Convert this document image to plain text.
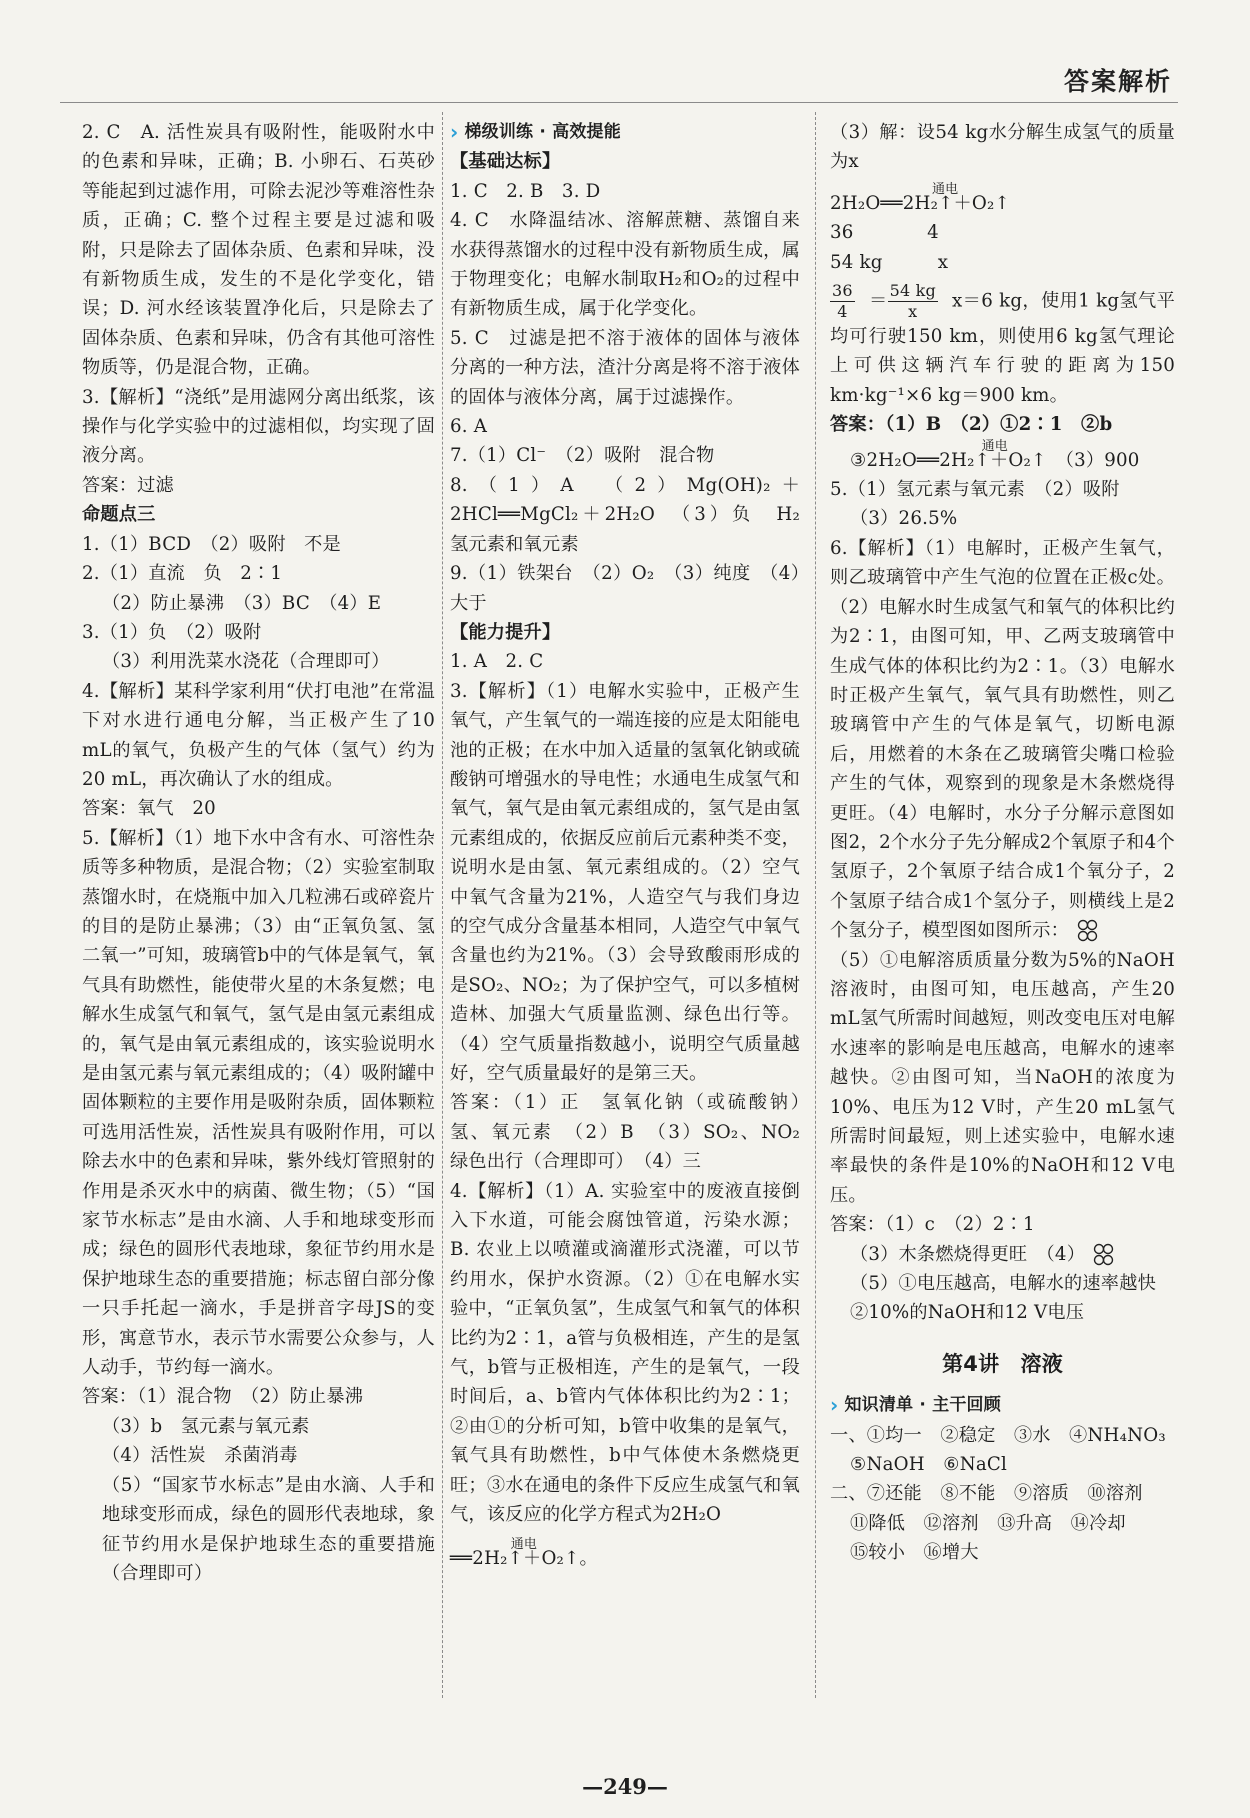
答案解析

2. C　A. 活性炭具有吸附性，能吸附水中的色素和异味，正确；B. 小卵石、石英砂等能起到过滤作用，可除去泥沙等难溶性杂质，正确；C. 整个过程主要是过滤和吸附，只是除去了固体杂质、色素和异味，没有新物质生成，发生的不是化学变化，错误；D. 河水经该装置净化后，只是除去了固体杂质、色素和异味，仍含有其他可溶性物质等，仍是混合物，正确。

3.【解析】“浇纸”是用滤网分离出纸浆，该操作与化学实验中的过滤相似，均实现了固液分离。

答案：过滤

命题点三

1.（1）BCD　（2）吸附　不是

2.（1）直流　负　2∶1

（2）防止暴沸　（3）BC　（4）E

3.（1）负　（2）吸附

（3）利用洗菜水浇花（合理即可）

4.【解析】某科学家利用“伏打电池”在常温下对水进行通电分解，当正极产生了10 mL的氧气，负极产生的气体（氢气）约为20 mL，再次确认了水的组成。

答案：氧气　20

5.【解析】（1）地下水中含有水、可溶性杂质等多种物质，是混合物；（2）实验室制取蒸馏水时，在烧瓶中加入几粒沸石或碎瓷片的目的是防止暴沸；（3）由“正氧负氢、氢二氧一”可知，玻璃管b中的气体是氧气，氧气具有助燃性，能使带火星的木条复燃；电解水生成氢气和氧气，氢气是由氢元素组成的，氧气是由氧元素组成的，该实验说明水是由氢元素与氧元素组成的；（4）吸附罐中固体颗粒的主要作用是吸附杂质，固体颗粒可选用活性炭，活性炭具有吸附作用，可以除去水中的色素和异味，紫外线灯管照射的作用是杀灭水中的病菌、微生物；（5）“国家节水标志”是由水滴、人手和地球变形而成；绿色的圆形代表地球，象征节约用水是保护地球生态的重要措施；标志留白部分像一只手托起一滴水，手是拼音字母JS的变形，寓意节水，表示节水需要公众参与，人人动手，节约每一滴水。

答案：（1）混合物　（2）防止暴沸

（3）b　氢元素与氧元素

（4）活性炭　杀菌消毒

（5）“国家节水标志”是由水滴、人手和地球变形而成，绿色的圆形代表地球，象征节约用水是保护地球生态的重要措施（合理即可）

› 梯级训练 · 高效提能

【基础达标】

1. C　2. B　3. D

4. C　水降温结冰、溶解蔗糖、蒸馏自来水获得蒸馏水的过程中没有新物质生成，属于物理变化；电解水制取H₂和O₂的过程中有新物质生成，属于化学变化。

5. C　过滤是把不溶于液体的固体与液体分离的一种方法，渣汁分离是将不溶于液体的固体与液体分离，属于过滤操作。

6. A

7.（1）Cl⁻　（2）吸附　混合物

8.（1）A　（2）Mg(OH)₂＋2HCl══MgCl₂＋2H₂O　（3）负　H₂　氢元素和氧元素

9.（1）铁架台　（2）O₂　（3）纯度　（4）大于

【能力提升】

1. A　2. C

3.【解析】（1）电解水实验中，正极产生氧气，产生氧气的一端连接的应是太阳能电池的正极；在水中加入适量的氢氧化钠或硫酸钠可增强水的导电性；水通电生成氢气和氧气，氧气是由氧元素组成的，氢气是由氢元素组成的，依据反应前后元素种类不变，说明水是由氢、氧元素组成的。（2）空气中氧气含量为21%，人造空气与我们身边的空气成分含量基本相同，人造空气中氧气含量也约为21%。（3）会导致酸雨形成的是SO₂、NO₂；为了保护空气，可以多植树造林、加强大气质量监测、绿色出行等。（4）空气质量指数越小，说明空气质量越好，空气质量最好的是第三天。

答案：（1）正　氢氧化钠（或硫酸钠）　氢、氧元素　（2）B　（3）SO₂、NO₂　绿色出行（合理即可）　（4）三

4.【解析】（1）A. 实验室中的废液直接倒入下水道，可能会腐蚀管道，污染水源；B. 农业上以喷灌或滴灌形式浇灌，可以节约用水，保护水资源。（2）①在电解水实验中，“正氧负氢”，生成氢气和氧气的体积比约为2∶1，a管与负极相连，产生的是氢气，b管与正极相连，产生的是氧气，一段时间后，a、b管内气体体积比约为2∶1；②由①的分析可知，b管中收集的是氧气，氧气具有助燃性，b中气体使木条燃烧更旺；③水在通电的条件下反应生成氢气和氧气，该反应的化学方程式为2H₂O

通电
══2H₂↑＋O₂↑。

（3）解：设54 kg水分解生成氢气的质量为x

2H₂O
通电
══2H₂↑＋O₂↑

36　　　　4

54 kg　　　x

$\frac{36}{4} = \frac{54 kg}{x} x=6$ kg，使用1 kg氢气平均可行驶150 km，则使用6 kg氢气理论上可供这辆汽车行驶的距离为150 km·kg⁻¹×6 kg＝900 km。

答案：（1）B　（2）①2∶1　②b

通电
③2H₂O══2H₂↑＋O₂↑　（3）900

5.（1）氢元素与氧元素　（2）吸附

（3）26.5%

6.【解析】（1）电解时，正极产生氧气，则乙玻璃管中产生气泡的位置在正极c处。（2）电解水时生成氢气和氧气的体积比约为2∶1，由图可知，甲、乙两支玻璃管中生成气体的体积比约为2∶1。（3）电解水时正极产生氧气，氧气具有助燃性，则乙玻璃管中产生的气体是氧气，切断电源后，用燃着的木条在乙玻璃管尖嘴口检验产生的气体，观察到的现象是木条燃烧得更旺。（4）电解时，水分子分解示意图如图2，2个水分子先分解成2个氧原子和4个氢原子，2个氧原子结合成1个氧分子，2个氢原子结合成1个氢分子，则横线上是2个氢分子，模型图如图所示：

（5）①电解溶质质量分数为5%的NaOH溶液时，由图可知，电压越高，产生20 mL氢气所需时间越短，则改变电压对电解水速率的影响是电压越高，电解水的速率越快。②由图可知，当NaOH的浓度为10%、电压为12 V时，产生20 mL氢气所需时间最短，则上述实验中，电解水速率最快的条件是10%的NaOH和12 V电压。

答案：（1）c　（2）2∶1

（3）木条燃烧得更旺　（4）

（5）①电压越高，电解水的速率越快

②10%的NaOH和12 V电压

第4讲　溶液

› 知识清单 · 主干回顾

一、①均一　②稳定　③水　④NH₄NO₃

⑤NaOH　⑥NaCl

二、⑦还能　⑧不能　⑨溶质　⑩溶剂

⑪降低　⑫溶剂　⑬升高　⑭冷却

⑮较小　⑯增大

—249—
